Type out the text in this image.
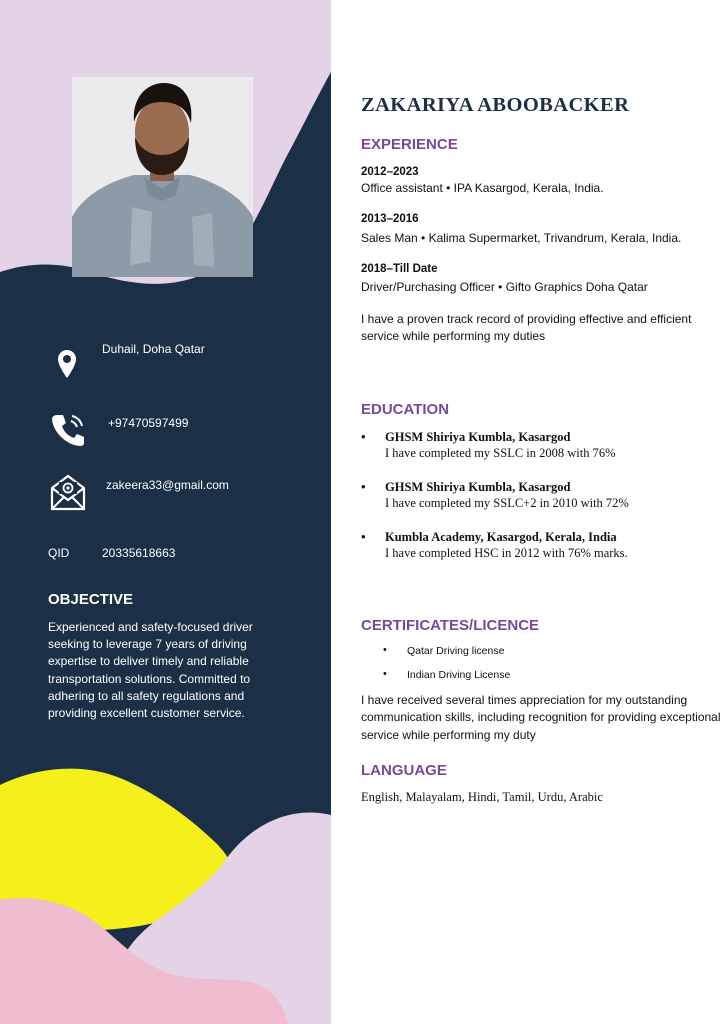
Duhail, Doha Qatar
+97470597499
zakeera33@gmail.com
QID	20335618663
OBJECTIVE
Experienced and safety-focused driver seeking to leverage 7 years of driving expertise to deliver timely and reliable transportation solutions. Committed to adhering to all safety regulations and providing excellent customer service.
ZAKARIYA ABOOBACKER
EXPERIENCE
2012–2023
Office assistant • IPA Kasargod, Kerala, India.
2013–2016
Sales Man • Kalima Supermarket, Trivandrum, Kerala, India.
2018–Till Date
Driver/Purchasing Officer • Gifto Graphics Doha Qatar
I have a proven track record of providing effective and efficient service while performing my duties
EDUCATION
• GHSM Shiriya Kumbla, Kasargod
I have completed my SSLC in 2008 with 76%
• GHSM Shiriya Kumbla, Kasargod
I have completed my SSLC+2 in 2010 with 72%
• Kumbla Academy, Kasargod, Kerala, India
I have completed HSC in 2012 with 76% marks.
CERTIFICATES/LICENCE
• Qatar Driving license
• Indian Driving License
I have received several times appreciation for my outstanding communication skills, including recognition for providing exceptional service while performing my duty
LANGUAGE
English, Malayalam, Hindi, Tamil, Urdu, Arabic
